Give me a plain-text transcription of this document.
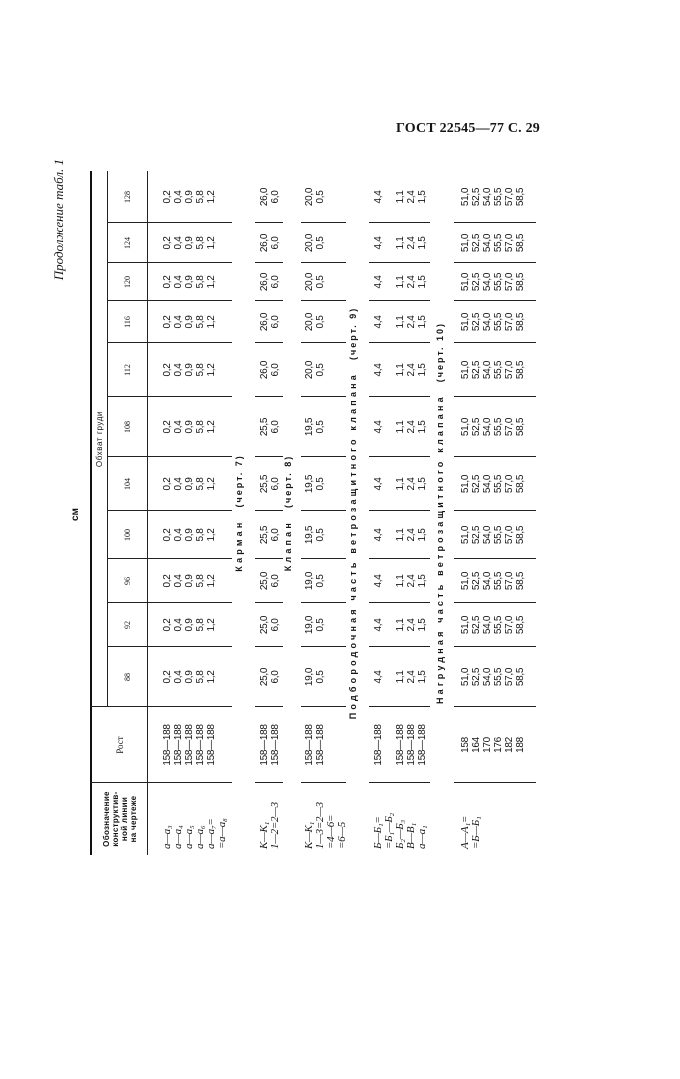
ГОСТ 22545—77 С. 29
Продолжение табл. 1
см
Обозначение
конструктив-
ной линии
на чертеже
Рост
Обхват груди
88
92
96
100
104
108
112
116
120
124
128
а—а₃
а—а₄
а—а₅
а—а₆
а—а₇=
=а—а₈
158—188
158—188
158—188
158—188
158—188
0,2
0,4
0,9
5,8
1,2
0,2
0,4
0,9
5,8
1,2
0,2
0,4
0,9
5,8
1,2
0,2
0,4
0,9
5,8
1,2
0,2
0,4
0,9
5,8
1,2
0,2
0,4
0,9
5,8
1,2
0,2
0,4
0,9
5,8
1,2
0,2
0,4
0,9
5,8
1,2
0,2
0,4
0,9
5,8
1,2
0,2
0,4
0,9
5,8
1,2
0,2
0,4
0,9
5,8
1,2
Карман(черт. 7)
К—К₁
1—2=2—3
158—188
158—188
25,0
6,0
25,0
6,0
25,0
6,0
25,5
6,0
25,5
6,0
25,5
6,0
26,0
6,0
26,0
6,0
26,0
6,0
26,0
6,0
26,0
6,0
Клапан(черт. 8)
К—К₁
1—3=2—3
=4—6=
=6—5
158—188
158—188
19,0
0,5
19,0
0,5
19,0
0,5
19,5
0,5
19,5
0,5
19,5
0,5
20,0
0,5
20,0
0,5
20,0
0,5
20,0
0,5
20,0
0,5
Подбородочная часть ветрозащитного клапана(черт. 9)
Б—Б₁=
=Б₁—Б₂
Б₂—Б₃
В—В₁
а—а₁
158—188

158—188
158—188
158—188
4,4

1,1
2,4
1,5
4,4

1,1
2,4
1,5
4,4

1,1
2,4
1,5
4,4

1,1
2,4
1,5
4,4

1,1
2,4
1,5
4,4

1,1
2,4
1,5
4,4

1,1
2,4
1,5
4,4

1,1
2,4
1,5
4,4

1,1
2,4
1,5
4,4

1,1
2,4
1,5
4,4

1,1
2,4
1,5
Нагрудная часть ветрозащитного клапана(черт. 10)
А—А₁=
=Б—Б₁
158
164
170
176
182
188
51,0
52,5
54,0
55,5
57,0
58,5
51,0
52,5
54,0
55,5
57,0
58,5
51,0
52,5
54,0
55,5
57,0
58,5
51,0
52,5
54,0
55,5
57,0
58,5
51,0
52,5
54,0
55,5
57,0
58,5
51,0
52,5
54,0
55,5
57,0
58,5
51,0
52,5
54,0
55,5
57,0
58,5
51,0
52,5
54,0
55,5
57,0
58,5
51,0
52,5
54,0
55,5
57,0
58,5
51,0
52,5
54,0
55,5
57,0
58,5
51,0
52,5
54,0
55,5
57,0
58,5
